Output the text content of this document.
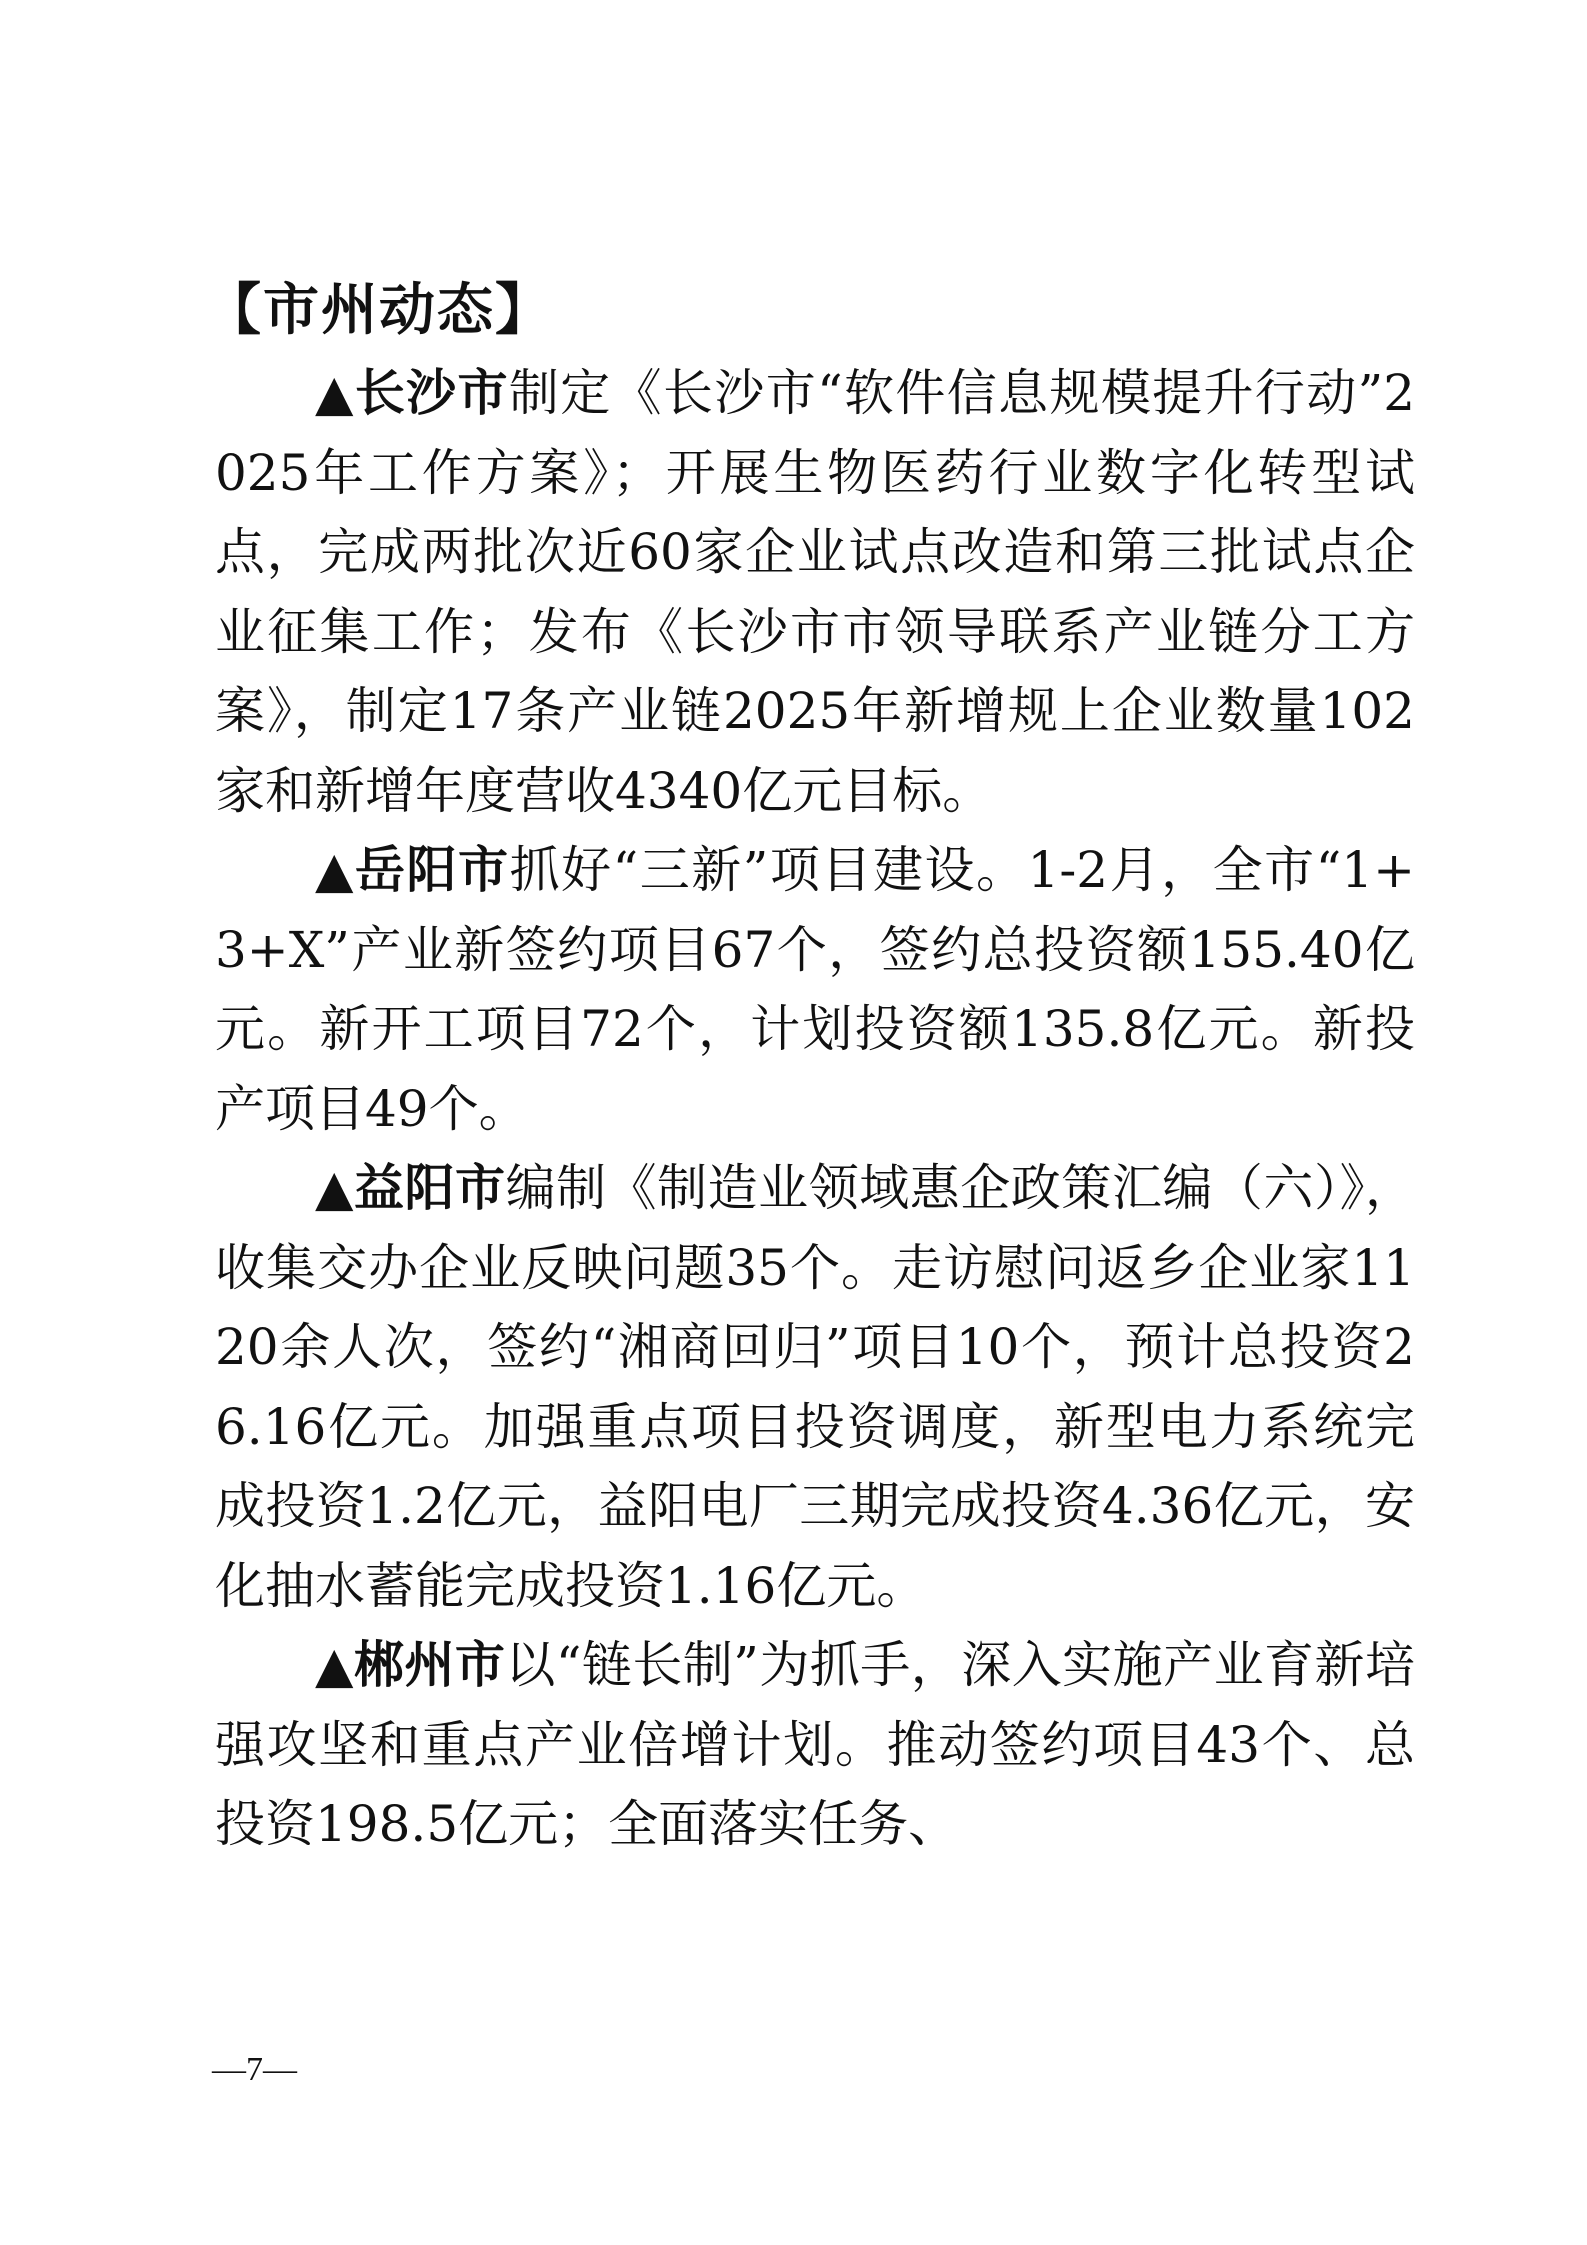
【市州动态】

▲长沙市制定《长沙市“软件信息规模提升行动”2025年工作方案》；开展生物医药行业数字化转型试点，完成两批次近60家企业试点改造和第三批试点企业征集工作；发布《长沙市市领导联系产业链分工方案》，制定17条产业链2025年新增规上企业数量102家和新增年度营收4340亿元目标。

▲岳阳市抓好“三新”项目建设。1-2月，全市“1+3+X”产业新签约项目67个，签约总投资额155.40亿元。新开工项目72个，计划投资额135.8亿元。新投产项目49个。

▲益阳市编制《制造业领域惠企政策汇编（六）》，收集交办企业反映问题35个。走访慰问返乡企业家1120余人次，签约“湘商回归”项目10个，预计总投资26.16亿元。加强重点项目投资调度，新型电力系统完成投资1.2亿元，益阳电厂三期完成投资4.36亿元，安化抽水蓄能完成投资1.16亿元。

▲郴州市以“链长制”为抓手，深入实施产业育新培强攻坚和重点产业倍增计划。推动签约项目43个、总投资198.5亿元；全面落实任务、

—7—
